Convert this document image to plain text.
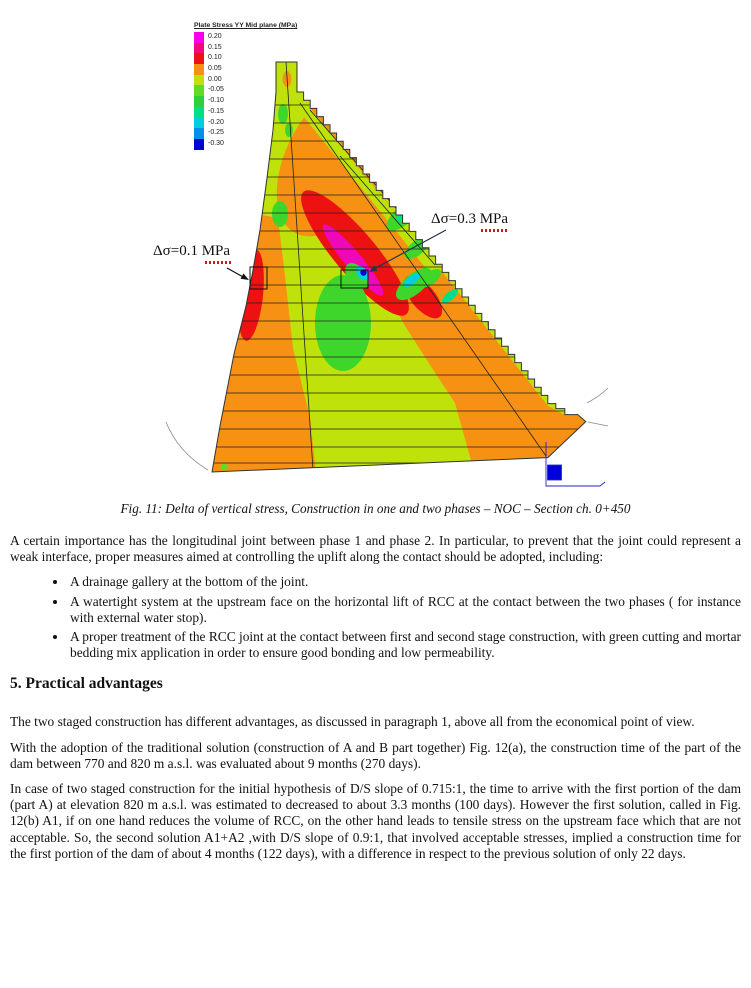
Plate Stress YY Mid plane (MPa)
0.20
0.15
0.10
0.05
0.00
-0.05
-0.10
-0.15
-0.20
-0.25
-0.30
Δσ=0.1 MPa
Δσ=0.3 MPa
Fig. 11: Delta of vertical stress, Construction in one and two phases – NOC – Section ch. 0+450

A certain importance has the longitudinal joint between phase 1 and phase 2. In particular, to prevent that the joint could represent a weak interface, proper measures aimed at controlling the uplift along the contact should be adopted, including:

• A drainage gallery at the bottom of the joint.
• A watertight system at the upstream face on the horizontal lift of RCC at the contact between the two phases ( for instance with external water stop).
• A proper treatment of the RCC joint at the contact between first and second stage construction, with green cutting and mortar bedding mix application in order to ensure good bonding and low permeability.
5. Practical advantages

The two staged construction has different advantages, as discussed in paragraph 1, above all from the economical point of view.

With the adoption of the traditional solution (construction of A and B part together) Fig. 12(a), the construction time of the part of the dam between 770 and 820 m a.s.l. was evaluated about 9 months (270 days).

In case of two staged construction for the initial hypothesis of D/S slope of 0.715:1, the time to arrive with the first portion of the dam (part A) at elevation 820 m a.s.l. was estimated to decreased to about 3.3 months (100 days). However the first solution, called in Fig. 12(b) A1, if on one hand reduces the volume of RCC, on the other hand leads to tensile stress on the upstream face which that are not acceptable. So, the second solution A1+A2 ,with D/S slope of 0.9:1, that involved acceptable stresses, implied a construction time for the first portion of the dam of about 4 months (122 days), with a difference in respect to the previous solution of only 22 days.
